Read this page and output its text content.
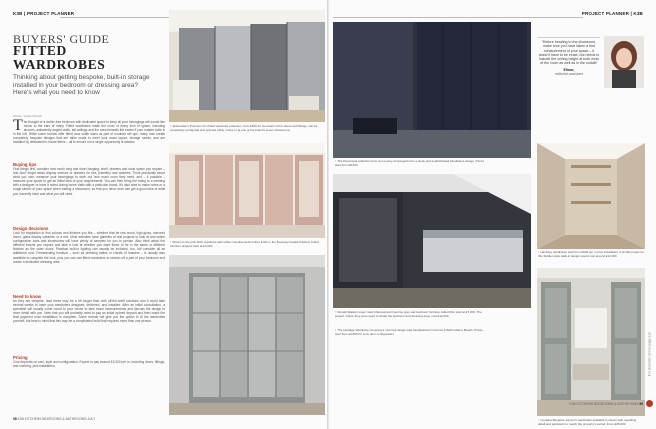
K3B | PROJECT PLANNER
BUYERS' GUIDE
FITTED
WARDROBES
Thinking about getting bespoke, built-in storage installed in your bedroom or dressing area? Here's what you need to know
Words: Yvette Murrell
The thought of a clutter-free bedroom with dedicated space to keep all your belongings will sound like music to the ears of many. Fitted wardrobes make the most of every inch of space, including alcoves, awkwardly angled walls, tall ceilings and the area beneath the eaves if your master suite is in the loft. While some brands offer fitted door width sizes as part of modular set ups, many now create completely bespoke designs that are tailor made to meet your exact layout, storage needs, and are installed by dedicated in-house fitters – all to ensure not a single opportunity is wasted.
Buying tips
First things first, consider how much long and short hanging, shelf, drawers and shoe space you require – and don't forget about display shelves or drawers for ties, jewellery and watches. Think practically about what you own; measure your belongings to work out how much room they need, and – if possible – measure your space to get an initial idea of your requirements. You can then bring the rating to a meeting with a designer or have it noted during home visits with a particular brand. It's also wise to make notes or a rough sketch of your space when visiting a showroom, so that you have room can get a good idea of what you currently have and what you will need.
Design decisions
Look for inspiration to find colours and finishes you like – whether that be real wood, high-gloss, mirrored doors, glass display cabinets, or a mix. Most websites have galleries of real projects to look at and online configuration tools and showrooms will have plenty of samples for you to peruse. Also think about the different inserts you require and take a look at whether you want these to be in the same or different finishes as the outer doors. Practical built-in lighting can usually be included, too, but consider all as additional cost. Freestanding furniture – such as dressing tables or chests of drawers – is usually also available to complete the look, plus you can use fitted wardrobes to section off a part of your bedroom and create a dedicated dressing area.
Need to know
As they are bespoke, lead times may be a bit longer than with off-the-shelf solutions and it could take several weeks to have your wardrobes designed, delivered, and installed. After an initial consultation, a specialist will usually come round to your house to take exact measurements and discuss the design in more detail with you. Note that you will probably need to pay an initial upfront deposit and then make the final payment once installation is complete. Some brands will give you the option to fit the wardrobes yourself, but bear in mind that this may be a complicated build that requires more than one person.
Pricing
Cost depends on size, style and configuration. Expect to pay around £3,000 per m, including doors, fittings, and shelving, plus installation.
↑ Spacewise's Premium trim fitted wardrobe collection, from £500 for two basic mirror doors and fittings, can be completely configured and ordered either online or at one of the brand's seven showrooms
↑ Shown is the pink birch wardrobe with white moonlian deck timber finish in the Doorway handle finished. Fitted furniture projects start at £3,600
98 K3B KITCHENS BEDROOMS & BATHROOMS JULY
PROJECT PLANNER | K3B
↑ The Panorama collection from Cox-Lowry of Hungerford is a sleek and sophisticated handleless design. Prices start from £8,500
"Before heading to the showroom, make sure you have taken a first measurement of your space – it doesn't have to be exact, but needs to include the ceiling height at both ends of the room as well as in the middle"
Elinor,
editorial assistant
↑ Hambley wardrobes start from £600 per m plus installation. A similar project to this Siddler-style walk-in design would cost around £12,000
↑ Donatti Waistor super matt Charcoal and Inserme grey oak bedroom furniture called ithin start at £7,200. The project, where they were used to divide the bedroom and dressing area, cost £12,000
↑ The Heritage Wardrobe Company's mirrored design was handpainted in Farrow & Ball's Mole's Breath. Prices start from £4,800 for a six door configuration
↑ Cordana Bespoke Joinery's wardrobes available is shown with moulding detail and paintwork to match the property's period. From £25,000
For stockists turn to page 110
K3B KITCHENS BEDROOMS & BATHROOMS 99
